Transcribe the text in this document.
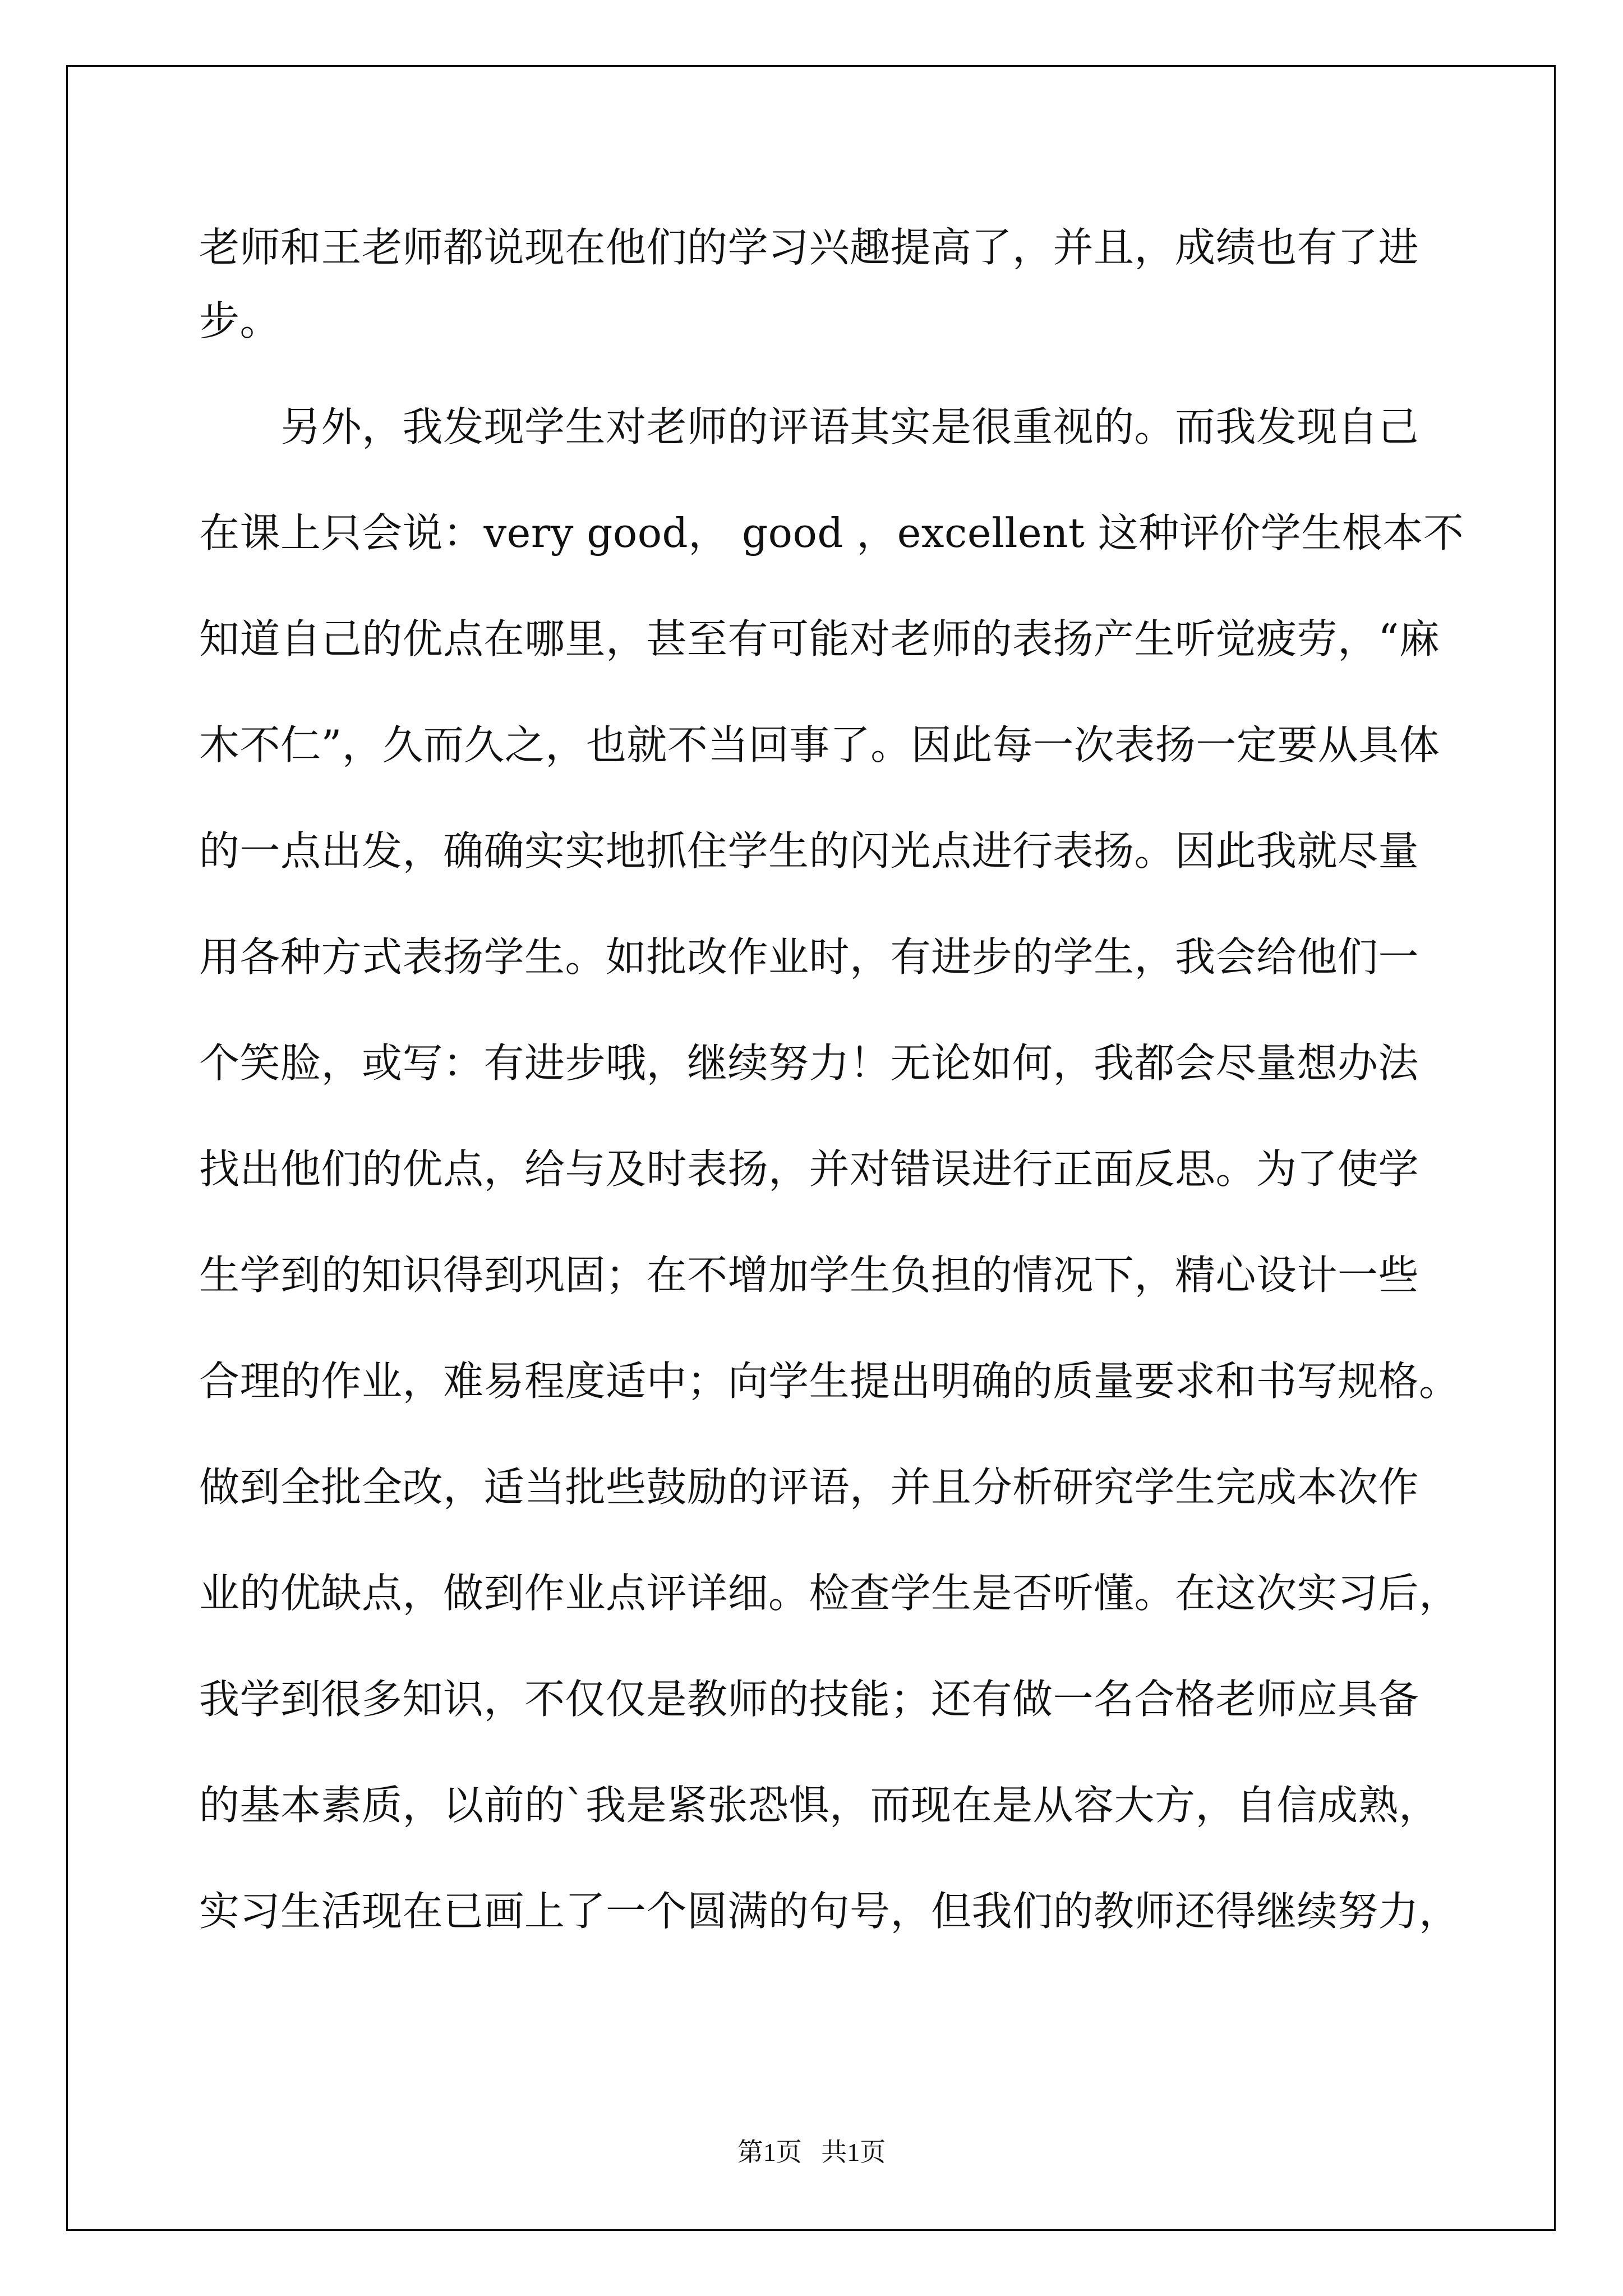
老师和王老师都说现在他们的学习兴趣提高了，并且，成绩也有了进
步。
另外，我发现学生对老师的评语其实是很重视的。而我发现自己
在课上只会说：very good， good ，excellent 这种评价学生根本不
知道自己的优点在哪里，甚至有可能对老师的表扬产生听觉疲劳，“麻
木不仁”，久而久之，也就不当回事了。因此每一次表扬一定要从具体
的一点出发，确确实实地抓住学生的闪光点进行表扬。因此我就尽量
用各种方式表扬学生。如批改作业时，有进步的学生，我会给他们一
个笑脸，或写：有进步哦，继续努力！无论如何，我都会尽量想办法
找出他们的优点，给与及时表扬，并对错误进行正面反思。为了使学
生学到的知识得到巩固；在不增加学生负担的情况下，精心设计一些
合理的作业，难易程度适中；向学生提出明确的质量要求和书写规格。
做到全批全改，适当批些鼓励的评语，并且分析研究学生完成本次作
业的优缺点，做到作业点评详细。检查学生是否听懂。在这次实习后，
我学到很多知识，不仅仅是教师的技能；还有做一名合格老师应具备
的基本素质，以前的`我是紧张恐惧，而现在是从容大方，自信成熟，
实习生活现在已画上了一个圆满的句号，但我们的教师还得继续努力，
第1页   共1页
